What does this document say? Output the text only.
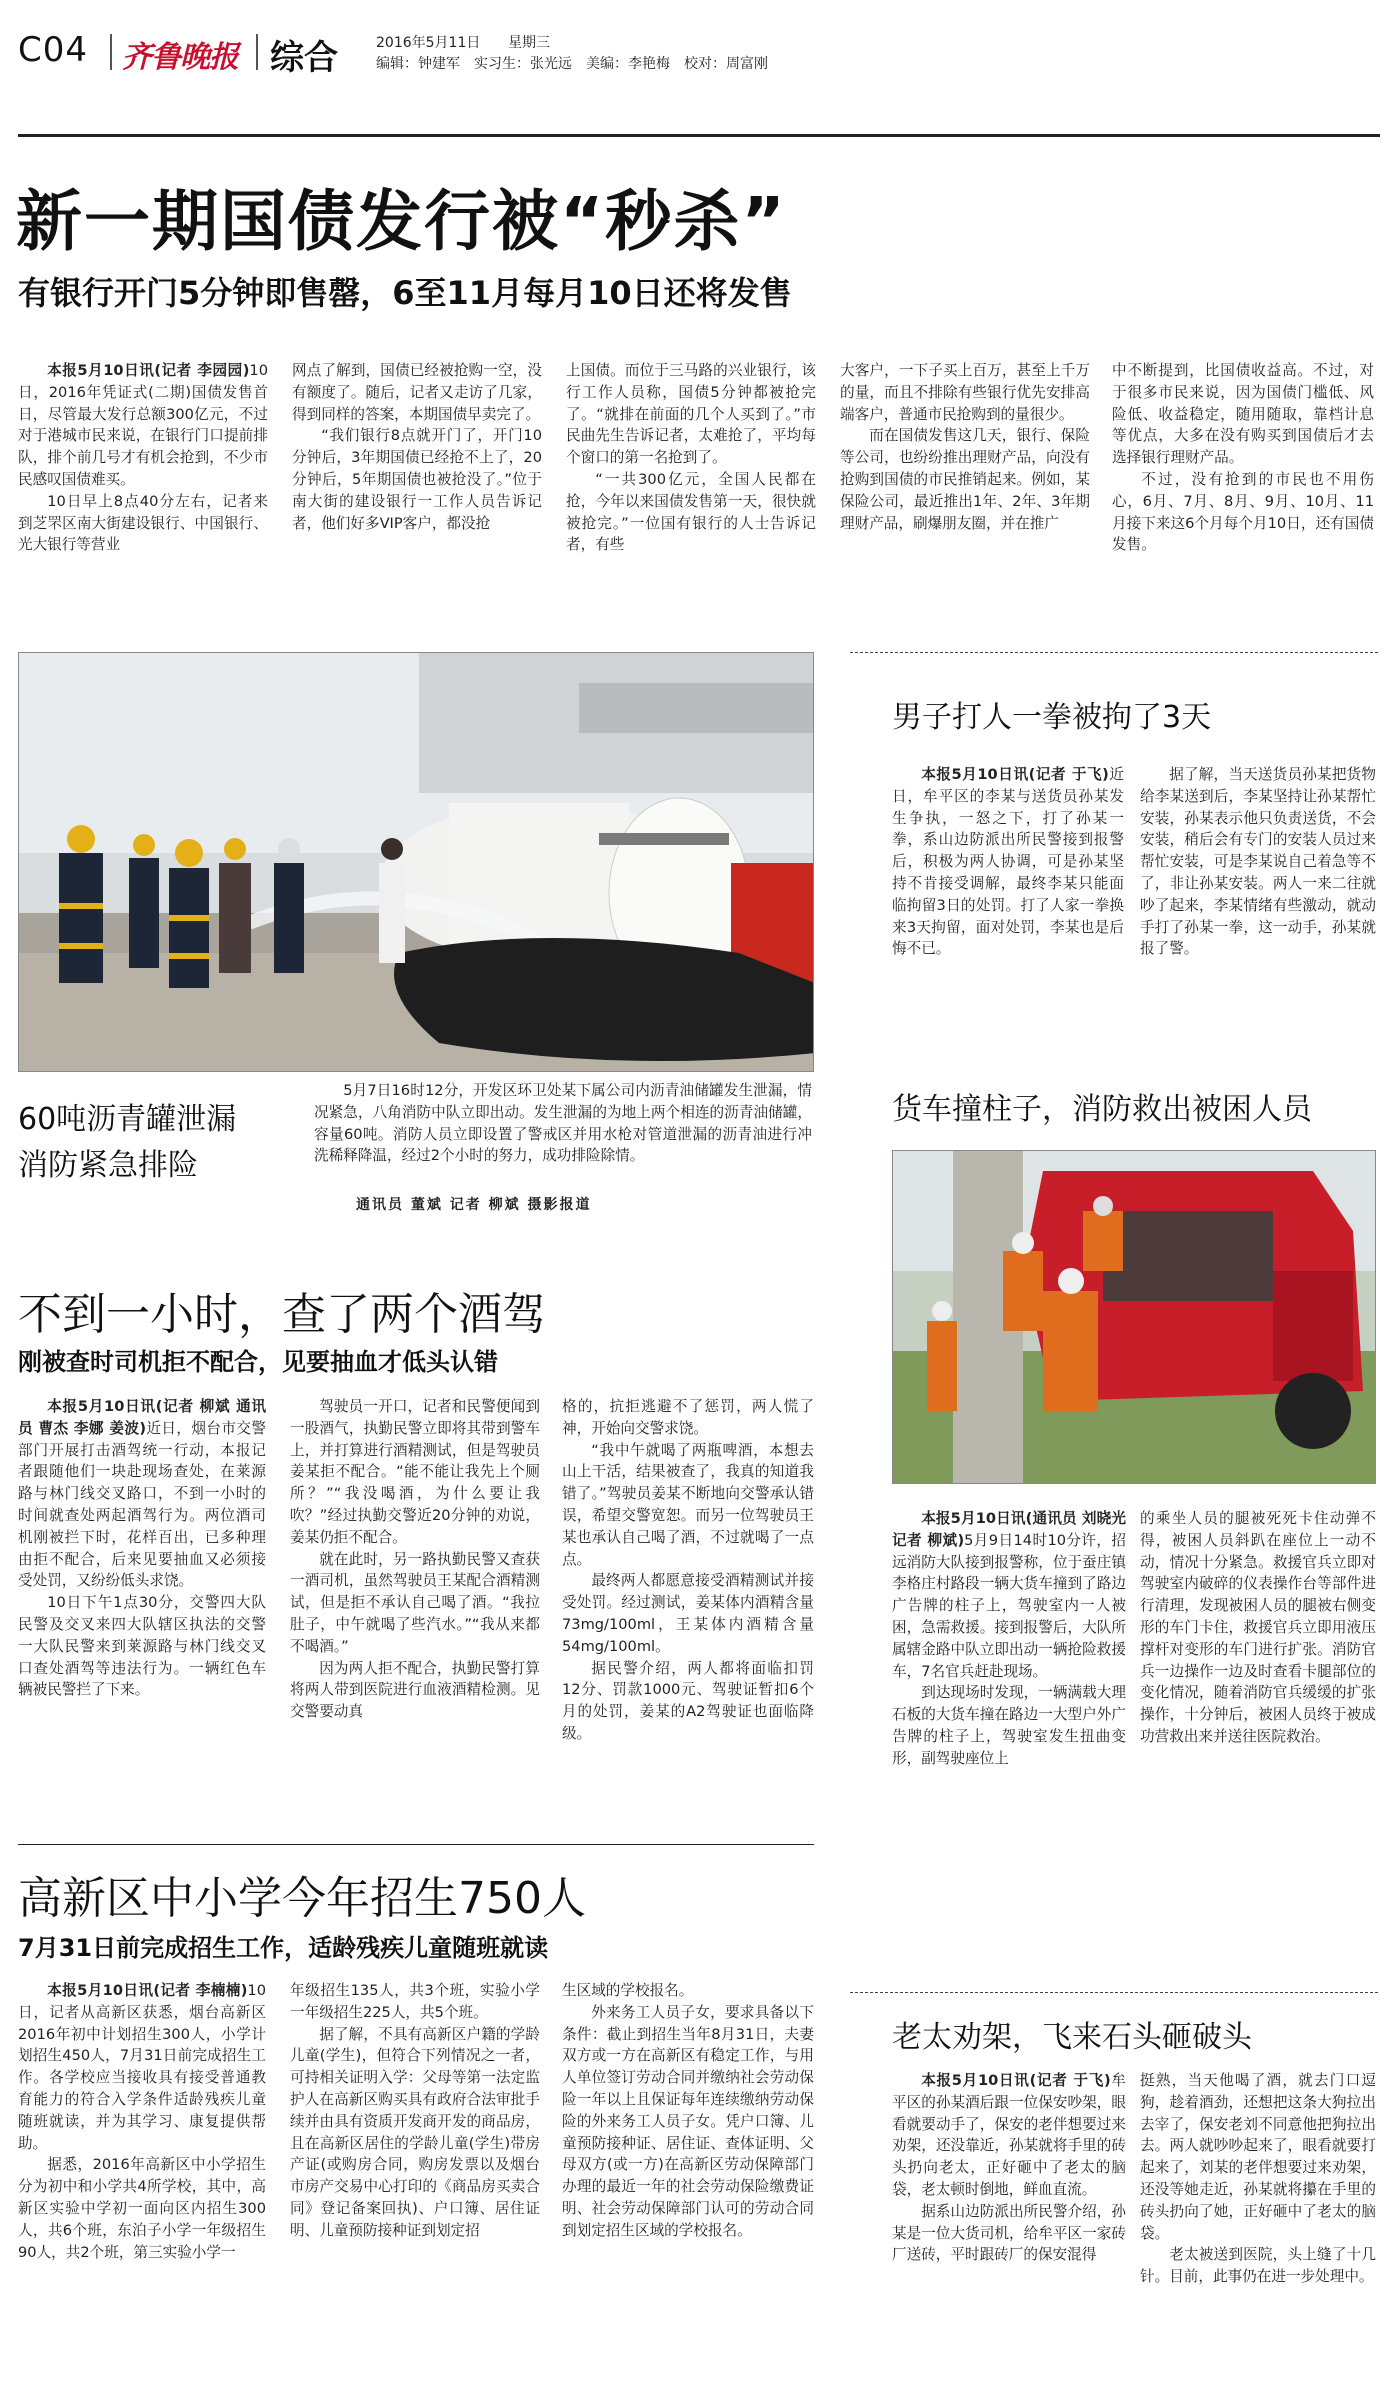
C04 齐鲁晚报 综合	2016年5月11日 星期三
编辑：钟建军　实习生：张光远　美编：李艳梅　校对：周富刚
新一期国债发行被“秒杀”
有银行开门5分钟即售罄，6至11月每月10日还将发售

本报5月10日讯(记者 李园园)10日，2016年凭证式(二期)国债发售首日，尽管最大发行总额300亿元，不过对于港城市民来说，在银行门口提前排队，排个前几号才有机会抢到，不少市民感叹国债难买。

10日早上8点40分左右，记者来到芝罘区南大街建设银行、中国银行、光大银行等营业

网点了解到，国债已经被抢购一空，没有额度了。随后，记者又走访了几家，得到同样的答案，本期国债早卖完了。

“我们银行8点就开门了，开门10分钟后，3年期国债已经抢不上了，20分钟后，5年期国债也被抢没了。”位于南大街的建设银行一工作人员告诉记者，他们好多VIP客户，都没抢

上国债。而位于三马路的兴业银行，该行工作人员称，国债5分钟都被抢完了。“就排在前面的几个人买到了。”市民曲先生告诉记者，太难抢了，平均每个窗口的第一名抢到了。

“一共300亿元，全国人民都在抢，今年以来国债发售第一天，很快就被抢完。”一位国有银行的人士告诉记者，有些

大客户，一下子买上百万，甚至上千万的量，而且不排除有些银行优先安排高端客户，普通市民抢购到的量很少。

而在国债发售这几天，银行、保险等公司，也纷纷推出理财产品，向没有抢购到国债的市民推销起来。例如，某保险公司，最近推出1年、2年、3年期理财产品，刷爆朋友圈，并在推广

中不断提到，比国债收益高。不过，对于很多市民来说，因为国债门槛低、风险低、收益稳定，随用随取，靠档计息等优点，大多在没有购买到国债后才去选择银行理财产品。

不过，没有抢到的市民也不用伤心，6月、7月、8月、9月、10月、11月接下来这6个月每个月10日，还有国债发售。

60吨沥青罐泄漏
消防紧急排险

5月7日16时12分，开发区环卫处某下属公司内沥青油储罐发生泄漏，情况紧急，八角消防中队立即出动。发生泄漏的为地上两个相连的沥青油储罐，容量60吨。消防人员立即设置了警戒区并用水枪对管道泄漏的沥青油进行冲洗稀释降温，经过2个小时的努力，成功排险除情。

通讯员 董斌 记者 柳斌 摄影报道
男子打人一拳被拘了3天

本报5月10日讯(记者 于飞)近日，牟平区的李某与送货员孙某发生争执，一怒之下，打了孙某一拳，系山边防派出所民警接到报警后，积极为两人协调，可是孙某坚持不肯接受调解，最终李某只能面临拘留3日的处罚。打了人家一拳换来3天拘留，面对处罚，李某也是后悔不已。

据了解，当天送货员孙某把货物给李某送到后，李某坚持让孙某帮忙安装，孙某表示他只负责送货，不会安装，稍后会有专门的安装人员过来帮忙安装，可是李某说自己着急等不了，非让孙某安装。两人一来二往就吵了起来，李某情绪有些激动，就动手打了孙某一拳，这一动手，孙某就报了警。

货车撞柱子，消防救出被困人员

本报5月10日讯(通讯员 刘晓光 记者 柳斌)5月9日14时10分许，招远消防大队接到报警称，位于蚕庄镇李格庄村路段一辆大货车撞到了路边广告牌的柱子上，驾驶室内一人被困，急需救援。接到报警后，大队所属辖金路中队立即出动一辆抢险救援车，7名官兵赶赴现场。

到达现场时发现，一辆满载大理石板的大货车撞在路边一大型户外广告牌的柱子上，驾驶室发生扭曲变形，副驾驶座位上

的乘坐人员的腿被死死卡住动弹不得，被困人员斜趴在座位上一动不动，情况十分紧急。救援官兵立即对驾驶室内破碎的仪表操作台等部件进行清理，发现被困人员的腿被右侧变形的车门卡住，救援官兵立即用液压撑杆对变形的车门进行扩张。消防官兵一边操作一边及时查看卡腿部位的变化情况，随着消防官兵缓缓的扩张操作，十分钟后，被困人员终于被成功营救出来并送往医院救治。

不到一小时，查了两个酒驾
刚被查时司机拒不配合，见要抽血才低头认错

本报5月10日讯(记者 柳斌 通讯员 曹杰 李娜 姜波)近日，烟台市交警部门开展打击酒驾统一行动，本报记者跟随他们一块赴现场查处，在莱源路与林门线交叉路口，不到一小时的时间就查处两起酒驾行为。两位酒司机刚被拦下时，花样百出，已多种理由拒不配合，后来见要抽血又必须接受处罚，又纷纷低头求饶。

10日下午1点30分，交警四大队民警及交叉来四大队辖区执法的交警一大队民警来到莱源路与林门线交叉口查处酒驾等违法行为。一辆红色车辆被民警拦了下来。

驾驶员一开口，记者和民警便闻到一股酒气，执勤民警立即将其带到警车上，并打算进行酒精测试，但是驾驶员姜某拒不配合。“能不能让我先上个厕所？”“我没喝酒，为什么要让我吹？”经过执勤交警近20分钟的劝说，姜某仍拒不配合。

就在此时，另一路执勤民警又查获一酒司机，虽然驾驶员王某配合酒精测试，但是拒不承认自己喝了酒。“我拉肚子，中午就喝了些汽水。”“我从来都不喝酒。”

因为两人拒不配合，执勤民警打算将两人带到医院进行血液酒精检测。见交警要动真

格的，抗拒逃避不了惩罚，两人慌了神，开始向交警求饶。

“我中午就喝了两瓶啤酒，本想去山上干活，结果被查了，我真的知道我错了。”驾驶员姜某不断地向交警承认错误，希望交警宽恕。而另一位驾驶员王某也承认自己喝了酒，不过就喝了一点点。

最终两人都愿意接受酒精测试并接受处罚。经过测试，姜某体内酒精含量73mg/100ml，王某体内酒精含量54mg/100ml。

据民警介绍，两人都将面临扣罚12分、罚款1000元、驾驶证暂扣6个月的处罚，姜某的A2驾驶证也面临降级。

高新区中小学今年招生750人
7月31日前完成招生工作，适龄残疾儿童随班就读

本报5月10日讯(记者 李楠楠)10日，记者从高新区获悉，烟台高新区2016年初中计划招生300人，小学计划招生450人，7月31日前完成招生工作。各学校应当接收具有接受普通教育能力的符合入学条件适龄残疾儿童随班就读，并为其学习、康复提供帮助。

据悉，2016年高新区中小学招生分为初中和小学共4所学校，其中，高新区实验中学初一面向区内招生300人，共6个班，东泊子小学一年级招生90人，共2个班，第三实验小学一

年级招生135人，共3个班，实验小学一年级招生225人，共5个班。

据了解，不具有高新区户籍的学龄儿童(学生)，但符合下列情况之一者，可持相关证明入学：父母等第一法定监护人在高新区购买具有政府合法审批手续并由具有资质开发商开发的商品房，且在高新区居住的学龄儿童(学生)带房产证(或购房合同，购房发票以及烟台市房产交易中心打印的《商品房买卖合同》登记备案回执)、户口簿、居住证明、儿童预防接种证到划定招

生区域的学校报名。

外来务工人员子女，要求具备以下条件：截止到招生当年8月31日，夫妻双方或一方在高新区有稳定工作，与用人单位签订劳动合同并缴纳社会劳动保险一年以上且保证每年连续缴纳劳动保险的外来务工人员子女。凭户口簿、儿童预防接种证、居住证、查体证明、父母双方(或一方)在高新区劳动保障部门办理的最近一年的社会劳动保险缴费证明、社会劳动保障部门认可的劳动合同到划定招生区域的学校报名。

老太劝架，飞来石头砸破头

本报5月10日讯(记者 于飞)牟平区的孙某酒后跟一位保安吵架，眼看就要动手了，保安的老伴想要过来劝架，还没靠近，孙某就将手里的砖头扔向老太，正好砸中了老太的脑袋，老太顿时倒地，鲜血直流。

据系山边防派出所民警介绍，孙某是一位大货司机，给牟平区一家砖厂送砖，平时跟砖厂的保安混得

挺熟，当天他喝了酒，就去门口逗狗，趁着酒劲，还想把这条大狗拉出去宰了，保安老刘不同意他把狗拉出去。两人就吵吵起来了，眼看就要打起来了，刘某的老伴想要过来劝架，还没等她走近，孙某就将攥在手里的砖头扔向了她，正好砸中了老太的脑袋。

老太被送到医院，头上缝了十几针。目前，此事仍在进一步处理中。
